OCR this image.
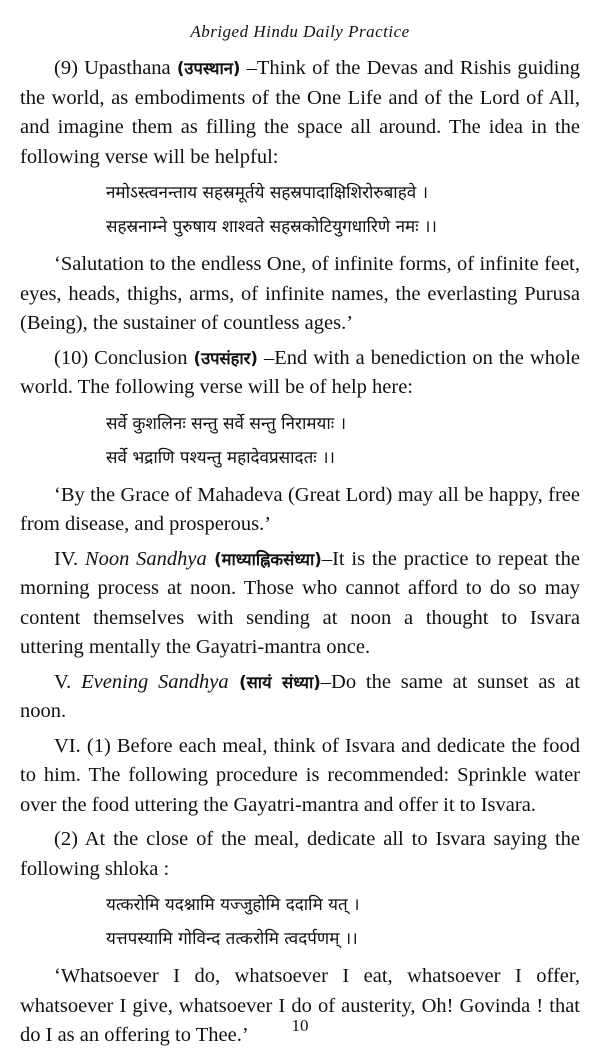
Abriged Hindu Daily Practice

(9) Upasthana (उपस्थान) –Think of the Devas and Rishis guiding the world, as embodiments of the One Life and of the Lord of All, and imagine them as filling the space all around. The idea in the following verse will be helpful:

नमोऽस्त्वनन्ताय सहस्रमूर्तये सहस्रपादाक्षिशिरोरुबाहवे ।
सहस्रनाम्ने पुरुषाय शाश्वते सहस्रकोटियुगधारिणे नमः ।।

‘Salutation to the endless One, of infinite forms, of infinite feet, eyes, heads, thighs, arms, of infinite names, the everlasting Purusa (Being), the sustainer of countless ages.’

(10) Conclusion (उपसंहार) –End with a benediction on the whole world. The following verse will be of help here:

सर्वे कुशलिनः सन्तु सर्वे सन्तु निरामयाः ।
सर्वे भद्राणि पश्यन्तु महादेवप्रसादतः ।।

‘By the Grace of Mahadeva (Great Lord) may all be happy, free from disease, and prosperous.’

IV. Noon Sandhya (माध्याह्निकसंध्या)–It is the practice to repeat the morning process at noon. Those who cannot afford to do so may content themselves with sending at noon a thought to Isvara uttering mentally the Gayatri-mantra once.

V. Evening Sandhya (सायं संध्या)–Do the same at sunset as at noon.

VI. (1) Before each meal, think of Isvara and dedicate the food to him. The following procedure is recommended: Sprinkle water over the food uttering the Gayatri-mantra and offer it to Isvara.

(2) At the close of the meal, dedicate all to Isvara saying the following shloka :

यत्करोमि यदश्नामि यज्जुहोमि ददामि यत् ।
यत्तपस्यामि गोविन्द तत्करोमि त्वदर्पणम् ।।

‘Whatsoever I do, whatsoever I eat, whatsoever I offer, whatsoever I give, whatsoever I do of austerity, Oh! Govinda ! that do I as an offering to Thee.’	10
